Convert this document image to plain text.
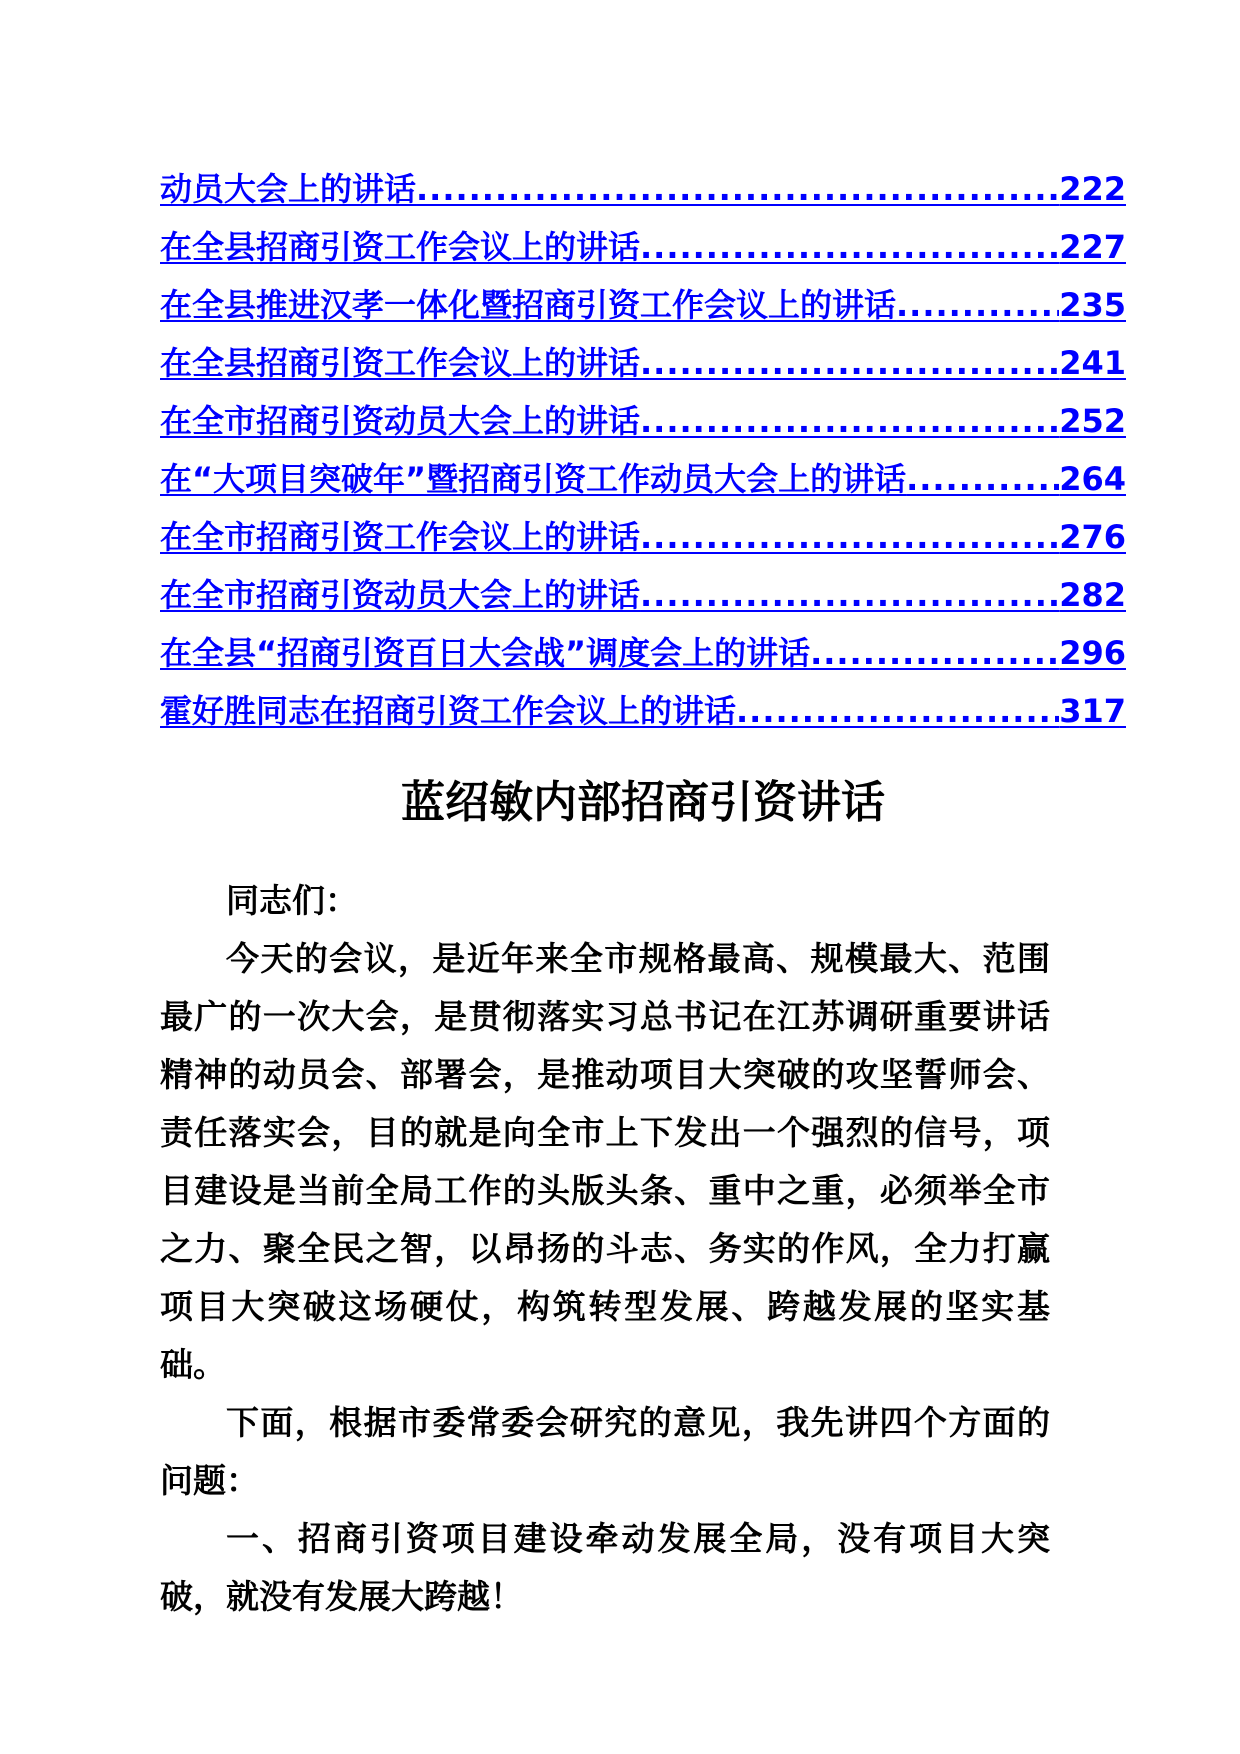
动员大会上的讲话 .....	222
在全县招商引资工作会议上的讲话 .....	227
在全县推进汉孝一体化暨招商引资工作会议上的讲话 .....	235
在全县招商引资工作会议上的讲话 .....	241
在全市招商引资动员大会上的讲话 .....	252
在“大项目突破年”暨招商引资工作动员大会上的讲话 .....	264
在全市招商引资工作会议上的讲话 .....	276
在全市招商引资动员大会上的讲话 .....	282
在全县“招商引资百日大会战”调度会上的讲话 .....	296
霍好胜同志在招商引资工作会议上的讲话 .....	317
蓝绍敏内部招商引资讲话

同志们：

今天的会议，是近年来全市规格最高、规模最大、范围最广的一次大会，是贯彻落实习总书记在江苏调研重要讲话精神的动员会、部署会，是推动项目大突破的攻坚誓师会、责任落实会，目的就是向全市上下发出一个强烈的信号，项目建设是当前全局工作的头版头条、重中之重，必须举全市之力、聚全民之智，以昂扬的斗志、务实的作风，全力打赢项目大突破这场硬仗，构筑转型发展、跨越发展的坚实基础。

下面，根据市委常委会研究的意见，我先讲四个方面的问题：

一、招商引资项目建设牵动发展全局，没有项目大突破，就没有发展大跨越！
